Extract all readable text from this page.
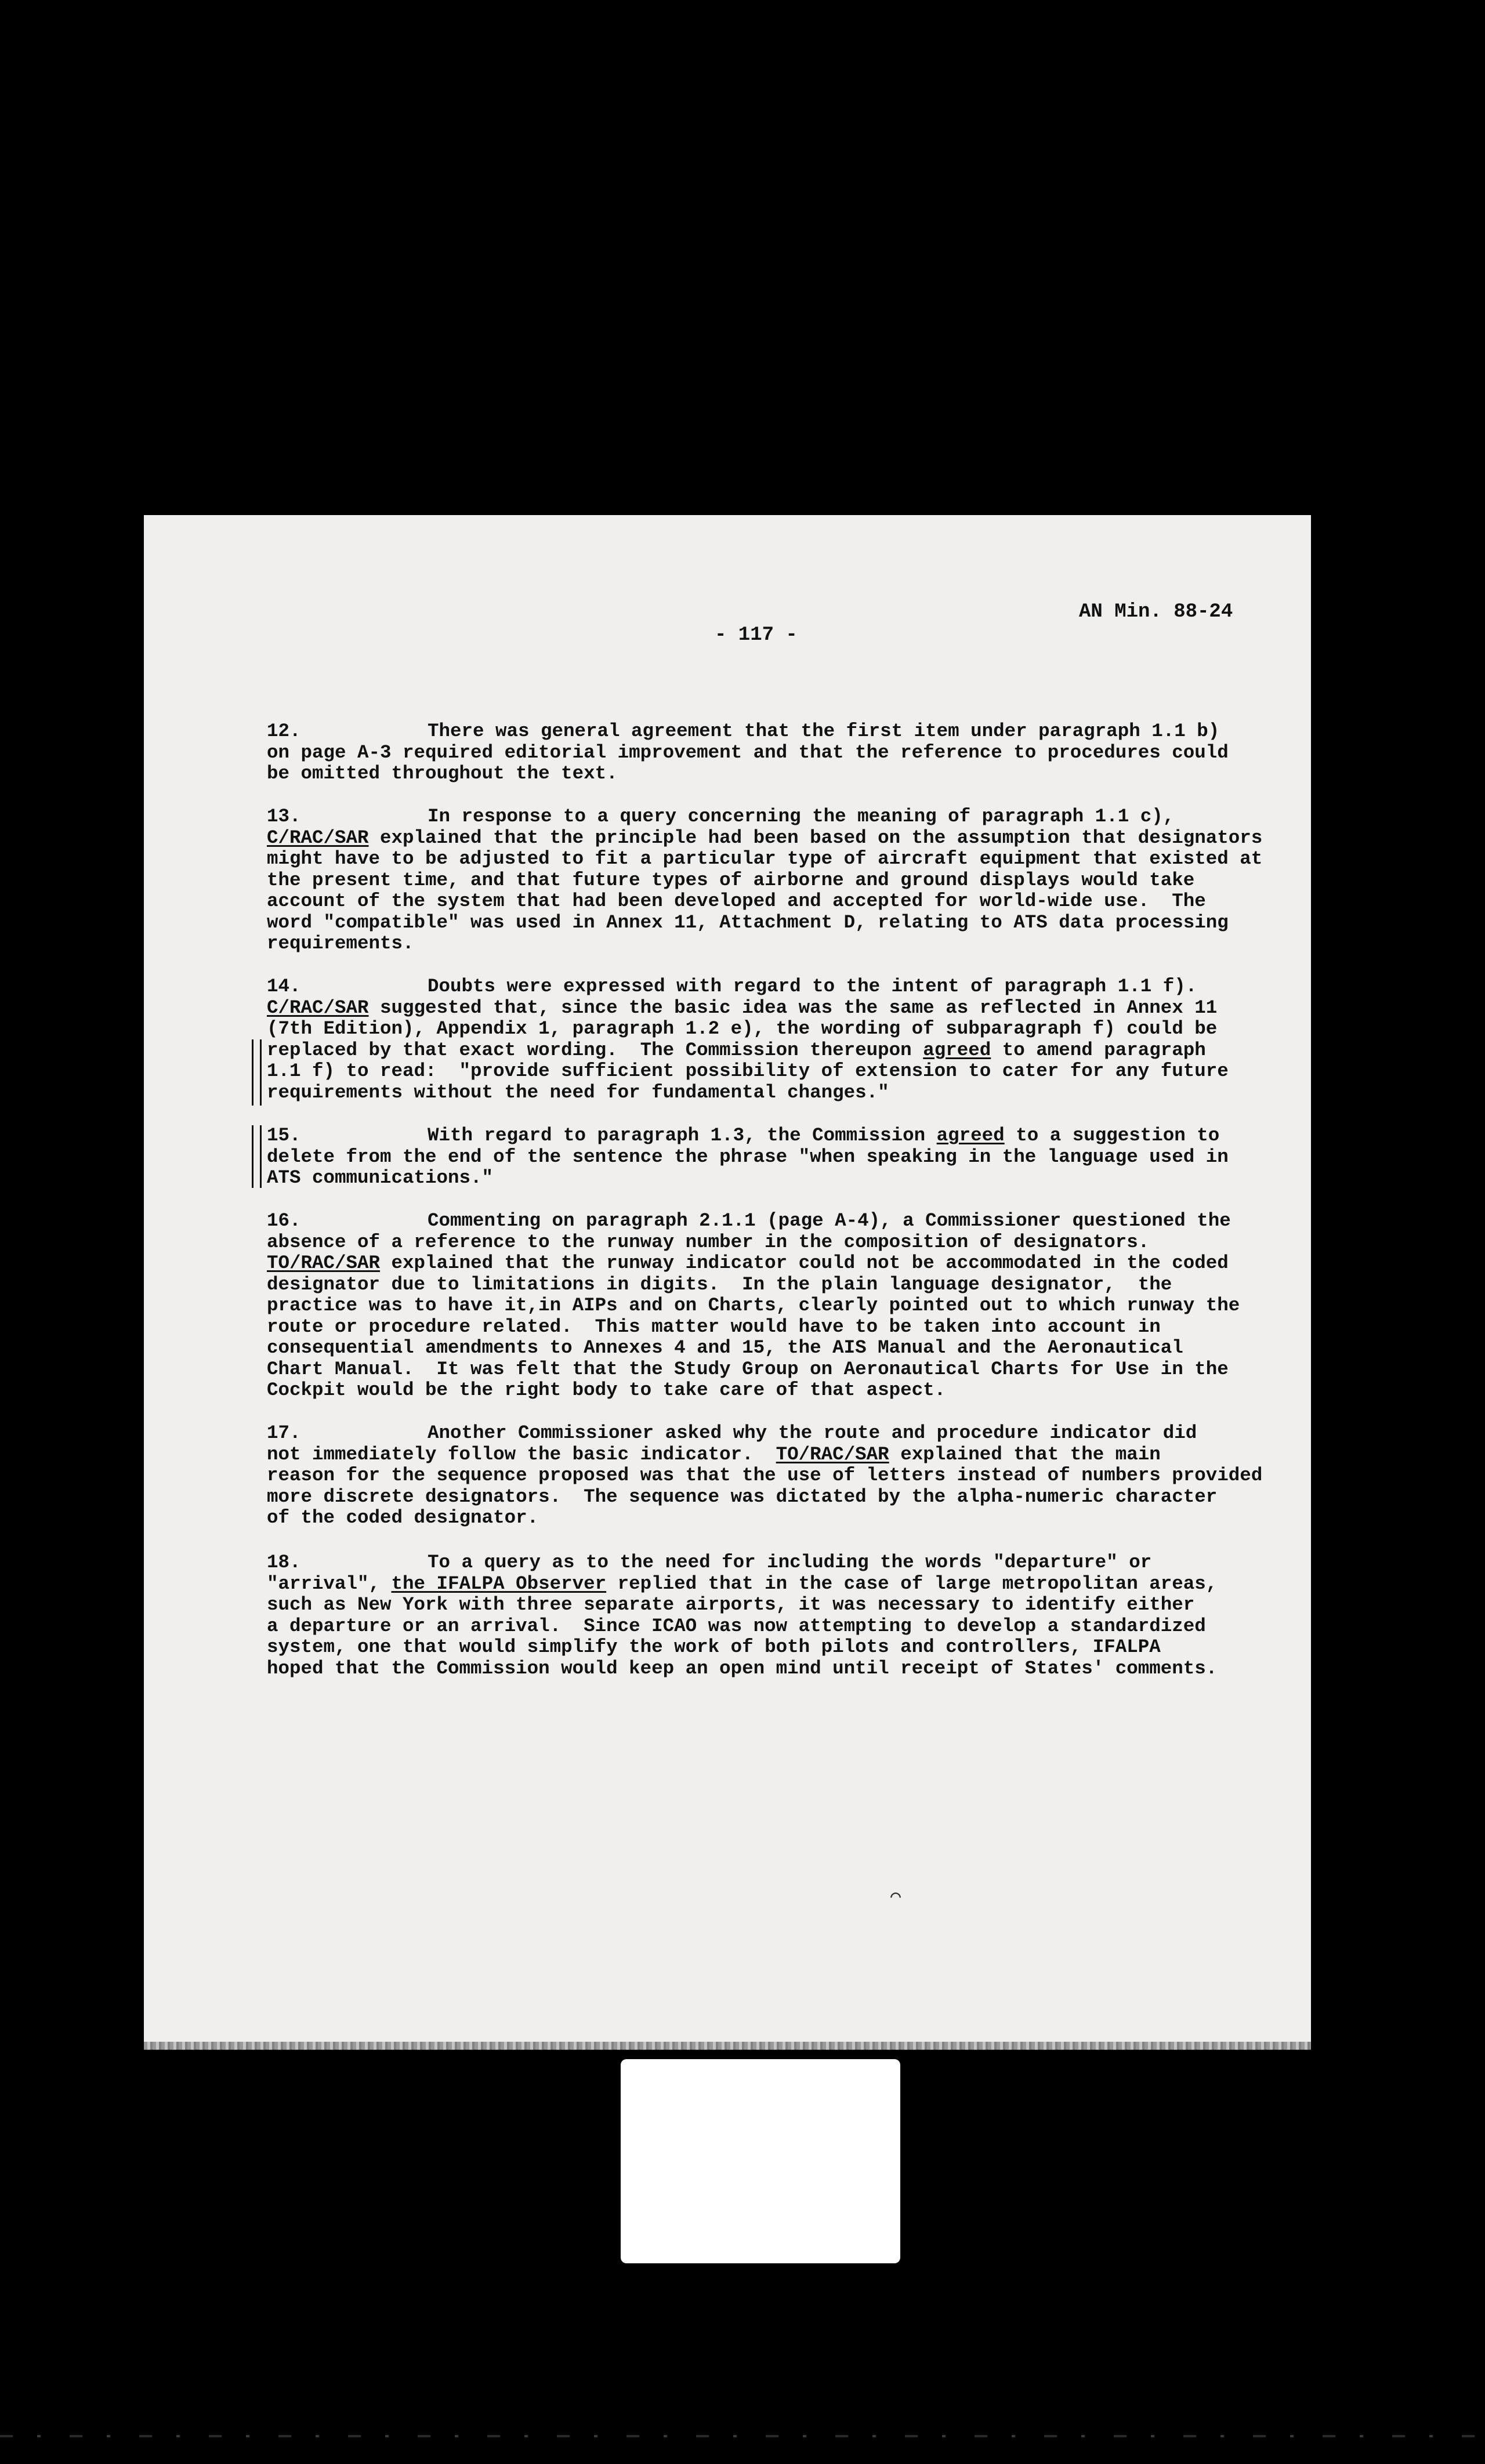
AN Min. 88-24
- 117 -
12.	There was general agreement that the first item under paragraph 1.1 b)
on page A-3 required editorial improvement and that the reference to procedures could
be omitted throughout the text.
13.	In response to a query concerning the meaning of paragraph 1.1 c),
C/RAC/SAR explained that the principle had been based on the assumption that designators
might have to be adjusted to fit a particular type of aircraft equipment that existed at
the present time, and that future types of airborne and ground displays would take
account of the system that had been developed and accepted for world-wide use.  The
word "compatible" was used in Annex 11, Attachment D, relating to ATS data processing
requirements.
14.	Doubts were expressed with regard to the intent of paragraph 1.1 f).
C/RAC/SAR suggested that, since the basic idea was the same as reflected in Annex 11
(7th Edition), Appendix 1, paragraph 1.2 e), the wording of subparagraph f) could be
replaced by that exact wording.  The Commission thereupon agreed to amend paragraph
1.1 f) to read:  "provide sufficient possibility of extension to cater for any future
requirements without the need for fundamental changes."
15.	With regard to paragraph 1.3, the Commission agreed to a suggestion to
delete from the end of the sentence the phrase "when speaking in the language used in
ATS communications."
16.	Commenting on paragraph 2.1.1 (page A-4), a Commissioner questioned the
absence of a reference to the runway number in the composition of designators.
TO/RAC/SAR explained that the runway indicator could not be accommodated in the coded
designator due to limitations in digits.  In the plain language designator,  the
practice was to have it,in AIPs and on Charts, clearly pointed out to which runway the
route or procedure related.  This matter would have to be taken into account in
consequential amendments to Annexes 4 and 15, the AIS Manual and the Aeronautical
Chart Manual.  It was felt that the Study Group on Aeronautical Charts for Use in the
Cockpit would be the right body to take care of that aspect.
17.	Another Commissioner asked why the route and procedure indicator did
not immediately follow the basic indicator.  TO/RAC/SAR explained that the main
reason for the sequence proposed was that the use of letters instead of numbers provided
more discrete designators.  The sequence was dictated by the alpha-numeric character
of the coded designator.
18.	To a query as to the need for including the words "departure" or
"arrival", the IFALPA Observer replied that in the case of large metropolitan areas,
such as New York with three separate airports, it was necessary to identify either
a departure or an arrival.  Since ICAO was now attempting to develop a standardized
system, one that would simplify the work of both pilots and controllers, IFALPA
hoped that the Commission would keep an open mind until receipt of States' comments.
⌒
